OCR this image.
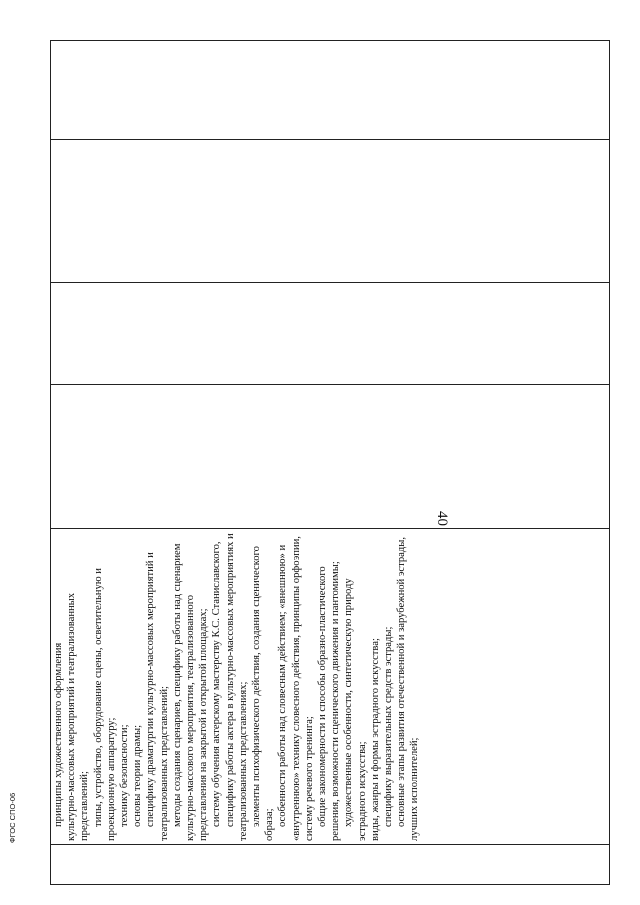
принципы художественного оформления культурно-массовых мероприятий и театрализованных представлений; типы, устройство, оборудование сцены, осветительную и проекционную аппаратуру; технику безопасности; основы теории драмы; специфику драматургии культурно-массовых мероприятий и театрализованных представлений; методы создания сценариев, специфику работы над сценарием культурно-массового мероприятия, театрализованного представления на закрытой и открытой площадках; систему обучения актерскому мастерству К.С. Станиславского, специфику работы актера в культурно-массовых мероприятиях и театрализованных представлениях; элементы психофизического действия, создания сценического образа; особенности работы над словесным действием; «внешнюю» и «внутреннюю» технику словесного действия, принципы орфоэпии, систему речевого тренинга; общие закономерности и способы образно-пластического решения, возможности сценического движения и пантомимы; художественные особенности, синтетическую природу эстрадного искусства; виды, жанры и формы эстрадного искусства; специфику выразительных средств эстрады; основные этапы развития отечественной и зарубежной эстрады, лучших исполнителей;

40
ФГОС СПО-06
